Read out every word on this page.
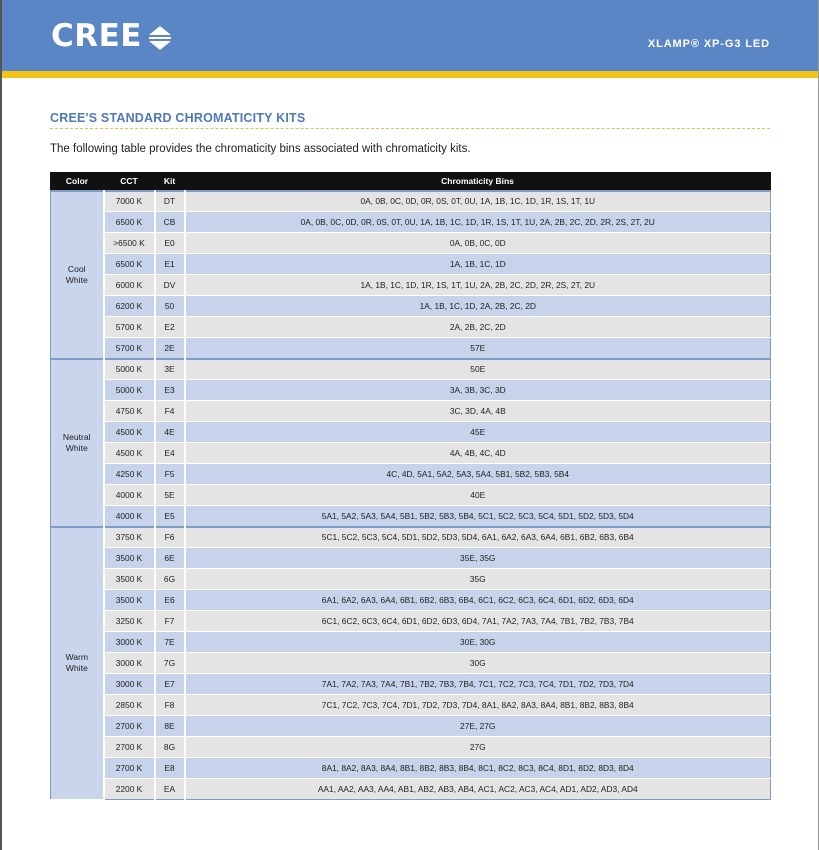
CREE	XLAMP® XP-G3 LED
CREE'S STANDARD CHROMATICITY KITS
The following table provides the chromaticity bins associated with chromaticity kits.
Color	CCT	Kit	Chromaticity Bins
Cool
White	7000 K	DT	0A, 0B, 0C, 0D, 0R, 0S, 0T, 0U, 1A, 1B, 1C, 1D, 1R, 1S, 1T, 1U
	6500 K	CB	0A, 0B, 0C, 0D, 0R, 0S, 0T, 0U, 1A, 1B, 1C, 1D, 1R, 1S, 1T, 1U, 2A, 2B, 2C, 2D, 2R, 2S, 2T, 2U
	>6500 K	E0	0A, 0B, 0C, 0D
	6500 K	E1	1A, 1B, 1C, 1D
	6000 K	DV	1A, 1B, 1C, 1D, 1R, 1S, 1T, 1U, 2A, 2B, 2C, 2D, 2R, 2S, 2T, 2U
	6200 K	50	1A, 1B, 1C, 1D, 2A, 2B, 2C, 2D
	5700 K	E2	2A, 2B, 2C, 2D
	5700 K	2E	57E
Neutral
White	5000 K	3E	50E
	5000 K	E3	3A, 3B, 3C, 3D
	4750 K	F4	3C, 3D, 4A, 4B
	4500 K	4E	45E
	4500 K	E4	4A, 4B, 4C, 4D
	4250 K	F5	4C, 4D, 5A1, 5A2, 5A3, 5A4, 5B1, 5B2, 5B3, 5B4
	4000 K	5E	40E
	4000 K	E5	5A1, 5A2, 5A3, 5A4, 5B1, 5B2, 5B3, 5B4, 5C1, 5C2, 5C3, 5C4, 5D1, 5D2, 5D3, 5D4
Warm
White	3750 K	F6	5C1, 5C2, 5C3, 5C4, 5D1, 5D2, 5D3, 5D4, 6A1, 6A2, 6A3, 6A4, 6B1, 6B2, 6B3, 6B4
	3500 K	6E	35E, 35G
	3500 K	6G	35G
	3500 K	E6	6A1, 6A2, 6A3, 6A4, 6B1, 6B2, 6B3, 6B4, 6C1, 6C2, 6C3, 6C4, 6D1, 6D2, 6D3, 6D4
	3250 K	F7	6C1, 6C2, 6C3, 6C4, 6D1, 6D2, 6D3, 6D4, 7A1, 7A2, 7A3, 7A4, 7B1, 7B2, 7B3, 7B4
	3000 K	7E	30E, 30G
	3000 K	7G	30G
	3000 K	E7	7A1, 7A2, 7A3, 7A4, 7B1, 7B2, 7B3, 7B4, 7C1, 7C2, 7C3, 7C4, 7D1, 7D2, 7D3, 7D4
	2850 K	F8	7C1, 7C2, 7C3, 7C4, 7D1, 7D2, 7D3, 7D4, 8A1, 8A2, 8A3, 8A4, 8B1, 8B2, 8B3, 8B4
	2700 K	8E	27E, 27G
	2700 K	8G	27G
	2700 K	E8	8A1, 8A2, 8A3, 8A4, 8B1, 8B2, 8B3, 8B4, 8C1, 8C2, 8C3, 8C4, 8D1, 8D2, 8D3, 8D4
	2200 K	EA	AA1, AA2, AA3, AA4, AB1, AB2, AB3, AB4, AC1, AC2, AC3, AC4, AD1, AD2, AD3, AD4
